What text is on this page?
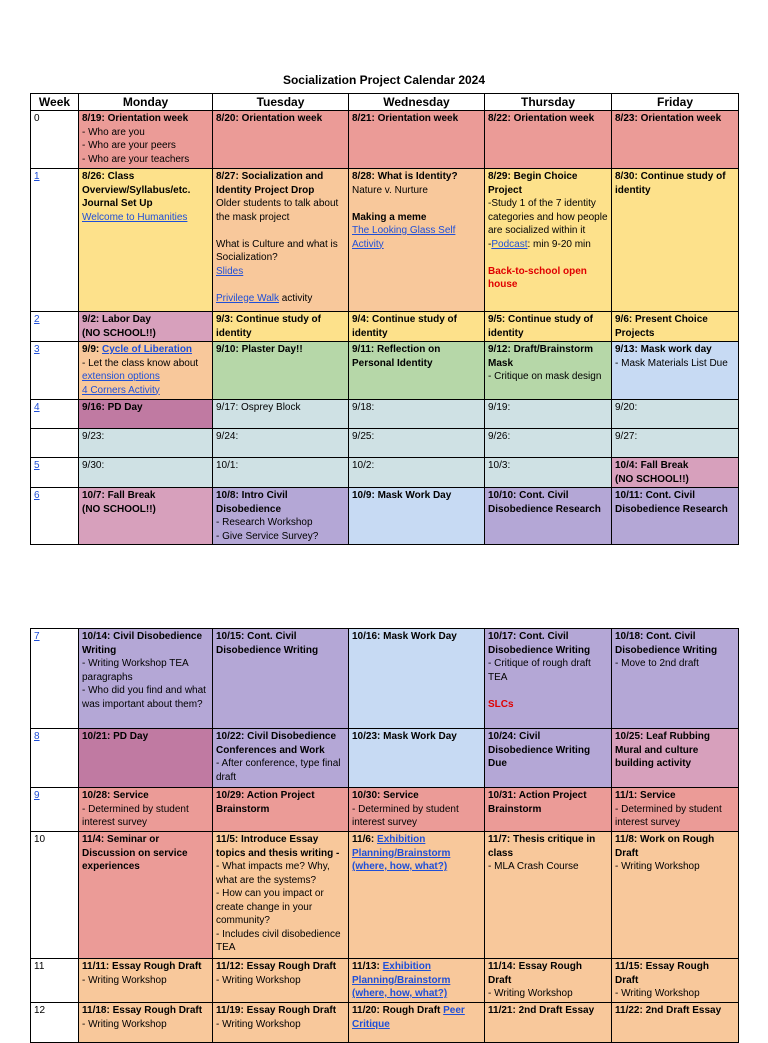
Socialization Project Calendar 2024
Week	Monday	Tuesday	Wednesday	Thursday	Friday
0	8/19: Orientation week
- Who are you
- Who are your peers
- Who are your teachers	8/20: Orientation week	8/21: Orientation week	8/22: Orientation week	8/23: Orientation week

1	8/26: Class Overview/Syllabus/etc. Journal Set Up
Welcome to Humanities	8/27: Socialization and Identity Project Drop
Older students to talk about the mask project
What is Culture and what is Socialization?
Slides
Privilege Walk activity	8/28: What is Identity?
Nature v. Nurture
Making a meme
The Looking Glass Self Activity	8/29: Begin Choice Project
-Study 1 of the 7 identity categories and how people are socialized within it
-Podcast: min 9-20 min
Back-to-school open house	8/30: Continue study of identity

2	9/2: Labor Day
(NO SCHOOL!!)	9/3: Continue study of identity	9/4: Continue study of identity	9/5: Continue study of identity	9/6: Present Choice Projects

3	9/9: Cycle of Liberation
- Let the class know about
extension options
4 Corners Activity	9/10: Plaster Day!!	9/11: Reflection on Personal Identity	9/12: Draft/Brainstorm Mask
- Critique on mask design	9/13: Mask work day
- Mask Materials List Due

4	9/16: PD Day	9/17: Osprey Block	9/18:	9/19:	9/20:
	9/23:	9/24:	9/25:	9/26:	9/27:
5	9/30:	10/1:	10/2:	10/3:	10/4: Fall Break
(NO SCHOOL!!)

6	10/7: Fall Break
(NO SCHOOL!!)	10/8: Intro Civil Disobedience
- Research Workshop
- Give Service Survey?	10/9: Mask Work Day	10/10: Cont. Civil Disobedience Research	10/11: Cont. Civil Disobedience Research
7	10/14: Civil Disobedience Writing
- Writing Workshop TEA paragraphs
- Who did you find and what was important about them?	10/15: Cont. Civil Disobedience Writing	10/16: Mask Work Day	10/17: Cont. Civil Disobedience Writing
- Critique of rough draft TEA
SLCs	10/18: Cont. Civil Disobedience Writing
- Move to 2nd draft

8	10/21: PD Day	10/22: Civil Disobedience Conferences and Work
- After conference, type final draft	10/23: Mask Work Day	10/24: Civil Disobedience Writing Due	10/25: Leaf Rubbing Mural and culture building activity

9	10/28: Service
- Determined by student interest survey	10/29: Action Project Brainstorm	10/30: Service
- Determined by student interest survey	10/31: Action Project Brainstorm	11/1: Service
- Determined by student interest survey

10	11/4: Seminar or Discussion on service experiences	11/5: Introduce Essay topics and thesis writing -
- What impacts me? Why, what are the systems?
- How can you impact or create change in your community?
- Includes civil disobedience TEA	11/6: Exhibition Planning/Brainstorm (where, how, what?)	11/7: Thesis critique in class
- MLA Crash Course	11/8: Work on Rough Draft
- Writing Workshop

11	11/11: Essay Rough Draft
- Writing Workshop	11/12: Essay Rough Draft
- Writing Workshop	11/13: Exhibition Planning/Brainstorm (where, how, what?)	11/14: Essay Rough Draft
- Writing Workshop	11/15: Essay Rough Draft
- Writing Workshop

12	11/18: Essay Rough Draft
- Writing Workshop	11/19: Essay Rough Draft
- Writing Workshop	11/20: Rough Draft Peer Critique	11/21: 2nd Draft Essay	11/22: 2nd Draft Essay
